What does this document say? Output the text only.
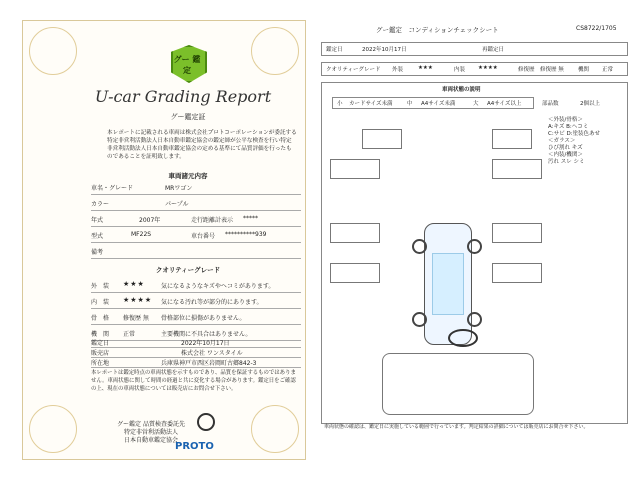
グー 鑑定
U-car Grading Report
グー鑑定証
本レポートに記載される車両は株式会社プロトコーポレーションが委託する特定非営利活動法人日本自動車鑑定協会の鑑定師が公平な検査を行い特定非営利活動法人日本自動車鑑定協会の定める基準にて品質評価を行ったものであることを証明致します。
車両諸元内容
車名・グレード	MRワゴン
カラー	パープル
年式	2007年	走行距離計表示 *****
型式	MF22S	車台番号 **********939
備考
クオリティーグレード
外　装 ★★★	気になるようなキズやヘコミがあります。
内　装 ★★★★ 気になる汚れ等が部分的にあります。
骨　格 修復歴 無 骨格部位に損傷がありません。
機　関 正常	主要機関に不具合はありません。
鑑定日	2022年10月17日
販売店	株式会社 ワンスタイル
所在地	兵庫県神戸市西区岩岡町古郷842-3
本レポートは鑑定時点の車両状態を示すものであり、品質を保証するものではありません。車両状態に関して時間の経過と共に変化する場合があります。鑑定日をご確認の上、現在の車両状態については販売店にお問合せ下さい。
グー鑑定 品質検査委託先
特定非営利活動法人
日本自動車鑑定協会
PROTO
グー鑑定　コンディションチェックシート	CS8722/1705
鑑定日	2022年10月17日	再鑑定日
クオリティーグレード 外装	★★★	内装 ★★★★	修復歴 修復歴 無	機関 正常
車両状態の説明
小 カードサイズ未満	中 A4サイズ未満	大 A4サイズ以上	部品数	2個以上
＜外装/骨格＞
A:キズ B:ヘコミ
C:サビ D:塗装色あせ
＜ガラス＞
ひび割れ キズ
＜内装/機関＞
汚れ スレ シミ
車両状態の確認は、鑑定日に実施している範囲で行っています。判定結果の詳細については販売店にお問合せ下さい。
